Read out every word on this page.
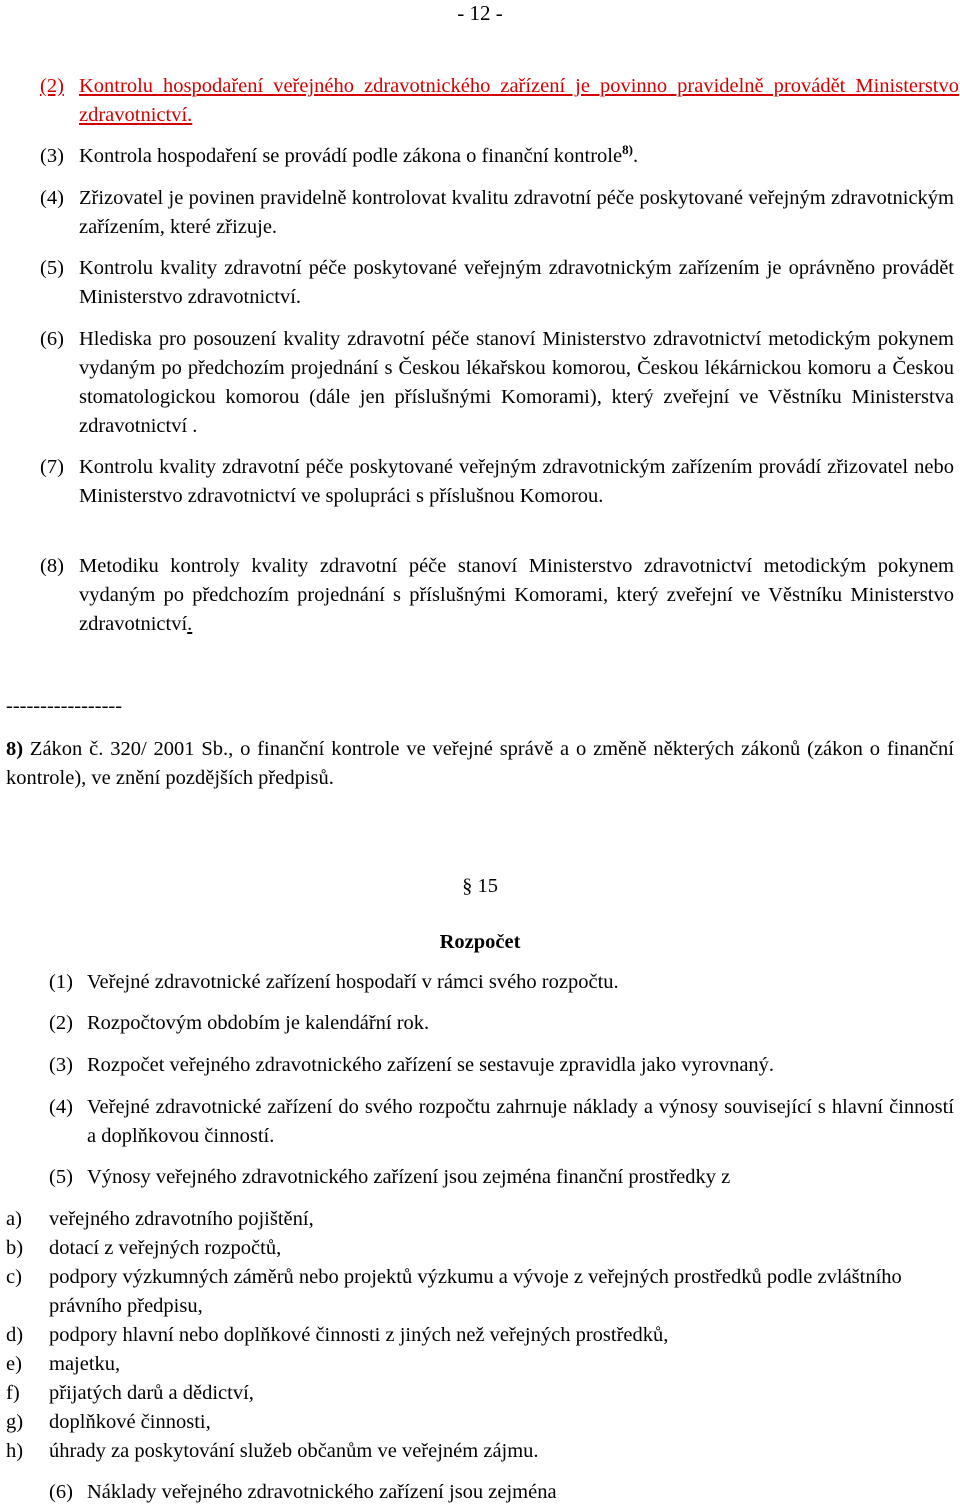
- 12 -
(2) Kontrolu hospodaření veřejného zdravotnického zařízení je povinno pravidelně provádět Ministerstvo zdravotnictví.
(3) Kontrola hospodaření se provádí podle zákona o finanční kontrole$^{8)}$.
(4) Zřizovatel je povinen pravidelně kontrolovat kvalitu zdravotní péče poskytované veřejným zdravotnickým zařízením, které zřizuje.
(5) Kontrolu kvality zdravotní péče poskytované veřejným zdravotnickým zařízením je oprávněno provádět Ministerstvo zdravotnictví.
(6) Hlediska pro posouzení kvality zdravotní péče stanoví Ministerstvo zdravotnictví metodickým pokynem vydaným po předchozím projednání s Českou lékařskou komorou, Českou lékárnickou komoru a Českou stomatologickou komorou (dále jen příslušnými Komorami), který zveřejní ve Věstníku Ministerstva zdravotnictví .
(7) Kontrolu kvality zdravotní péče poskytované veřejným zdravotnickým zařízením provádí zřizovatel nebo Ministerstvo zdravotnictví ve spolupráci s příslušnou Komorou.
(8) Metodiku kontroly kvality zdravotní péče stanoví Ministerstvo zdravotnictví metodickým pokynem vydaným po předchozím projednání s příslušnými Komorami, který zveřejní ve Věstníku Ministerstvo zdravotnictví.
-----------------
8) Zákon č. 320/ 2001 Sb., o finanční kontrole ve veřejné správě a o změně některých zákonů (zákon o finanční kontrole), ve znění pozdějších předpisů.
§ 15
Rozpočet
(1) Veřejné zdravotnické zařízení hospodaří v rámci svého rozpočtu.
(2) Rozpočtovým obdobím je kalendářní rok.
(3) Rozpočet veřejného zdravotnického zařízení se sestavuje zpravidla jako vyrovnaný.
(4) Veřejné zdravotnické zařízení do svého rozpočtu zahrnuje náklady a výnosy související s hlavní činností a doplňkovou činností.
(5) Výnosy veřejného zdravotnického zařízení jsou zejména finanční prostředky z
a) veřejného zdravotního pojištění,
b) dotací z veřejných rozpočtů,
c) podpory výzkumných záměrů nebo projektů výzkumu a vývoje z veřejných prostředků podle zvláštního právního předpisu,
d) podpory hlavní nebo doplňkové činnosti z jiných než veřejných prostředků,
e) majetku,
f) přijatých darů a dědictví,
g) doplňkové činnosti,
h) úhrady za poskytování služeb občanům ve veřejném zájmu.
(6) Náklady veřejného zdravotnického zařízení jsou zejména
